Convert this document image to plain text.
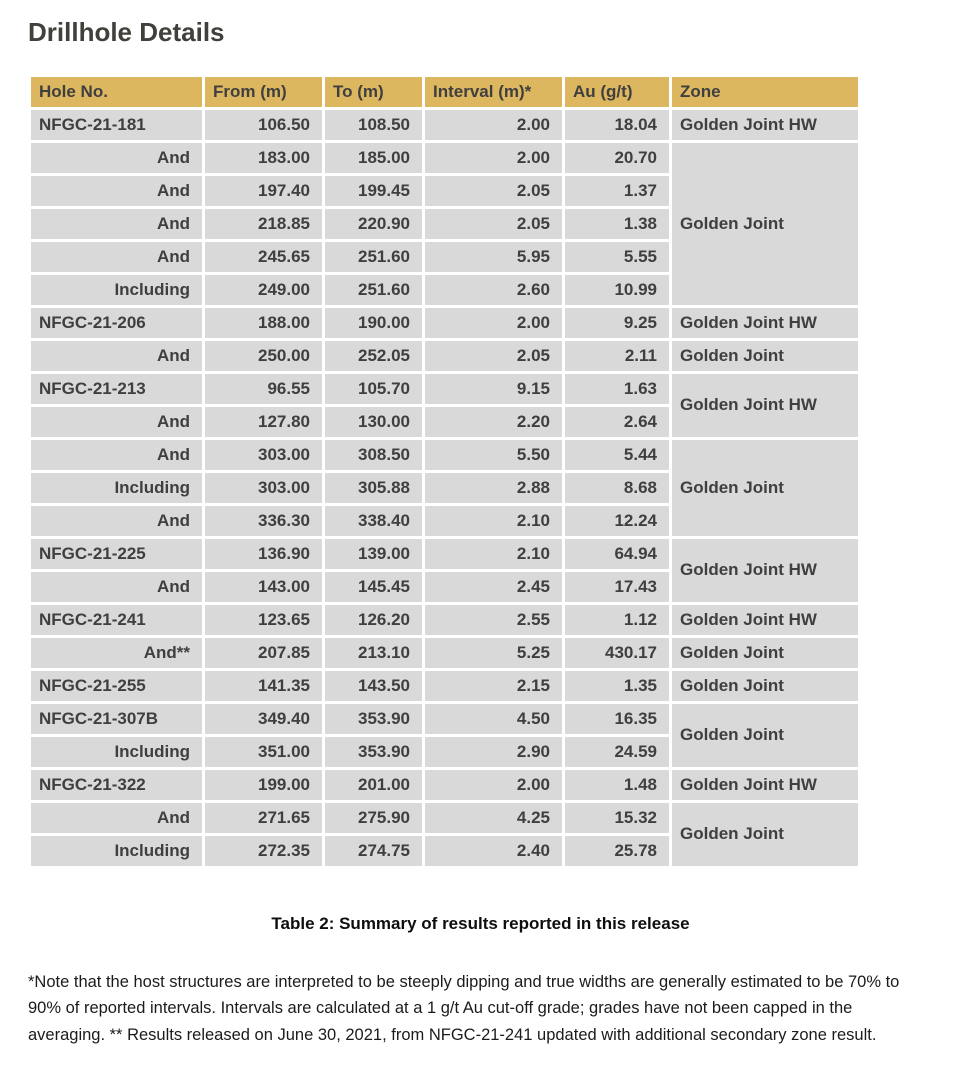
Drillhole Details
Hole No.	From (m)	To (m)	Interval (m)*	Au (g/t)	Zone
NFGC-21-181	106.50	108.50	2.00	18.04	Golden Joint HW
And	183.00	185.00	2.00	20.70	Golden Joint
And	197.40	199.45	2.05	1.37	
And	218.85	220.90	2.05	1.38	
And	245.65	251.60	5.95	5.55	
Including	249.00	251.60	2.60	10.99	
NFGC-21-206	188.00	190.00	2.00	9.25	Golden Joint HW
And	250.00	252.05	2.05	2.11	Golden Joint
NFGC-21-213	96.55	105.70	9.15	1.63	Golden Joint HW
And	127.80	130.00	2.20	2.64	
And	303.00	308.50	5.50	5.44	Golden Joint
Including	303.00	305.88	2.88	8.68	
And	336.30	338.40	2.10	12.24	
NFGC-21-225	136.90	139.00	2.10	64.94	Golden Joint HW
And	143.00	145.45	2.45	17.43	
NFGC-21-241	123.65	126.20	2.55	1.12	Golden Joint HW
And**	207.85	213.10	5.25	430.17	Golden Joint
NFGC-21-255	141.35	143.50	2.15	1.35	Golden Joint
NFGC-21-307B	349.40	353.90	4.50	16.35	Golden Joint
Including	351.00	353.90	2.90	24.59	
NFGC-21-322	199.00	201.00	2.00	1.48	Golden Joint HW
And	271.65	275.90	4.25	15.32	Golden Joint
Including	272.35	274.75	2.40	25.78	

Table 2: Summary of results reported in this release

*Note that the host structures are interpreted to be steeply dipping and true widths are generally estimated to be 70% to 90% of reported intervals. Intervals are calculated at a 1 g/t Au cut-off grade; grades have not been capped in the averaging. ** Results released on June 30, 2021, from NFGC-21-241 updated with additional secondary zone result.
